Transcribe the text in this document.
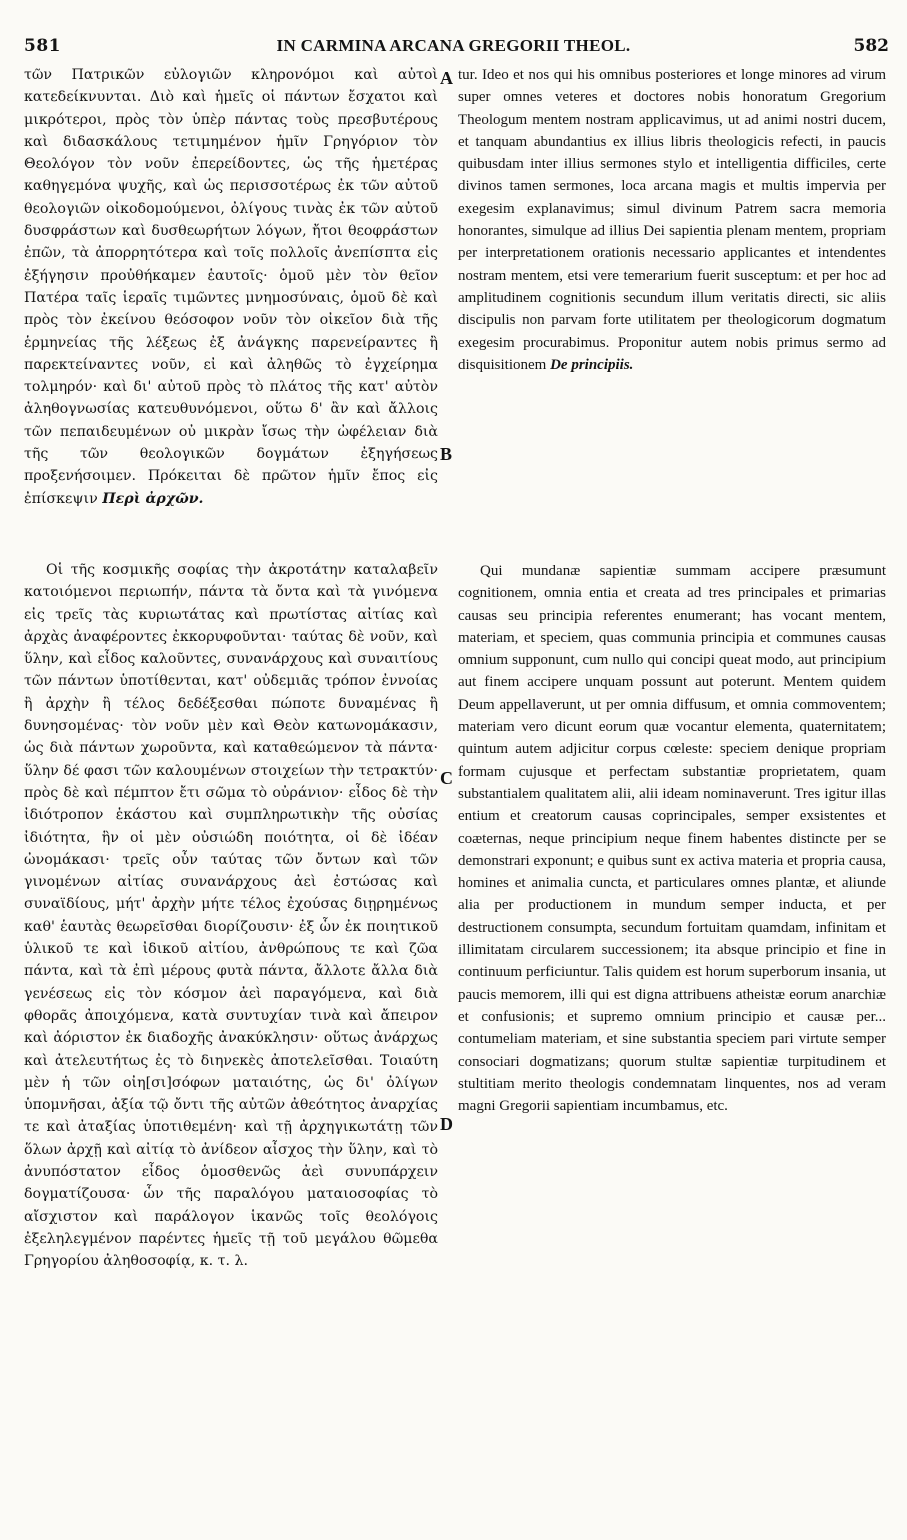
581	IN CARMINA ARCANA GREGORII THEOL.	582

τῶν Πατρικῶν εὐλογιῶν κληρονόμοι καὶ αὐτοὶ κατεδείκνυνται. Διὸ καὶ ἡμεῖς οἱ πάντων ἔσχατοι καὶ μικρότεροι, πρὸς τὸν ὑπὲρ πάντας τοὺς πρεσβυτέρους καὶ διδασκάλους τετιμημένον ἡμῖν Γρηγόριον τὸν Θεολόγον τὸν νοῦν ἐπερείδοντες, ὡς τῆς ἡμετέρας καθηγεμόνα ψυχῆς, καὶ ὡς περισσοτέρως ἐκ τῶν αὐτοῦ θεολογιῶν οἰκοδομούμενοι, ὀλίγους τινὰς ἐκ τῶν αὐτοῦ δυσφράστων καὶ δυσθεωρήτων λόγων, ἤτοι θεοφράστων ἐπῶν, τὰ ἀπορρητότερα καὶ τοῖς πολλοῖς ἀνεπίσπτα εἰς ἐξήγησιν προὐθήκαμεν ἑαυτοῖς· ὁμοῦ μὲν τὸν θεῖον Πατέρα ταῖς ἱεραῖς τιμῶντες μνημοσύναις, ὁμοῦ δὲ καὶ πρὸς τὸν ἐκείνου θεόσοφον νοῦν τὸν οἰκεῖον διὰ τῆς ἑρμηνείας τῆς λέξεως ἐξ ἀνάγκης παρενείραντες ἢ παρεκτείναντες νοῦν, εἰ καὶ ἀληθῶς τὸ ἐγχείρημα τολμηρόν· καὶ δι' αὐτοῦ πρὸς τὸ πλάτος τῆς κατ' αὐτὸν ἀληθογνωσίας κατευθυνόμενοι, οὕτω δ' ἂν καὶ ἄλλοις τῶν πεπαιδευμένων οὐ μικρὰν ἴσως τὴν ὠφέλειαν διὰ τῆς τῶν θεολογικῶν δογμάτων ἐξηγήσεως προξενήσοιμεν. Πρόκειται δὲ πρῶτον ἡμῖν ἔπος εἰς ἐπίσκεψιν Περὶ ἀρχῶν.

tur. Ideo et nos qui his omnibus posteriores et longe minores ad virum super omnes veteres et doctores nobis honoratum Gregorium Theologum mentem nostram applicavimus, ut ad animi nostri ducem, et tanquam abundantius ex illius libris theologicis refecti, in paucis quibusdam inter illius sermones stylo et intelligentia difficiles, certe divinos tamen sermones, loca arcana magis et multis impervia per exegesim explanavimus; simul divinum Patrem sacra memoria honorantes, simulque ad illius Dei sapientia plenam mentem, propriam per interpretationem orationis necessario applicantes et intendentes nostram mentem, etsi vere temerarium fuerit susceptum: et per hoc ad amplitudinem cognitionis secundum illum veritatis directi, sic aliis discipulis non parvam forte utilitatem per theologicorum dogmatum exegesim procurabimus. Proponitur autem nobis primus sermo ad disquisitionem De principiis.

Οἱ τῆς κοσμικῆς σοφίας τὴν ἀκροτάτην καταλαβεῖν κατοιόμενοι περιωπήν, πάντα τὰ ὄντα καὶ τὰ γινόμενα εἰς τρεῖς τὰς κυριωτάτας καὶ πρωτίστας αἰτίας καὶ ἀρχὰς ἀναφέροντες ἐκκορυφοῦνται· ταύτας δὲ νοῦν, καὶ ὕλην, καὶ εἶδος καλοῦντες, συνανάρχους καὶ συναιτίους τῶν πάντων ὑποτίθενται, κατ' οὐδεμιᾶς τρόπον ἐννοίας ἢ ἀρχὴν ἢ τέλος δεδέξεσθαι πώποτε δυναμένας ἢ δυνησομένας· τὸν νοῦν μὲν καὶ Θεὸν κατωνομάκασιν, ὡς διὰ πάντων χωροῦντα, καὶ καταθεώμενον τὰ πάντα· ὕλην δέ φασι τῶν καλουμένων στοιχείων τὴν τετρακτύν· πρὸς δὲ καὶ πέμπτον ἔτι σῶμα τὸ οὐράνιον· εἶδος δὲ τὴν ἰδιότροπον ἑκάστου καὶ συμπληρωτικὴν τῆς οὐσίας ἰδιότητα, ἣν οἱ μὲν οὐσιώδη ποιότητα, οἱ δὲ ἰδέαν ὠνομάκασι· τρεῖς οὖν ταύτας τῶν ὄντων καὶ τῶν γινομένων αἰτίας συνανάρχους ἀεὶ ἐστώσας καὶ συναϊδίους, μήτ' ἀρχὴν μήτε τέλος ἐχούσας διῃρημένως καθ' ἑαυτὰς θεωρεῖσθαι διορίζουσιν· ἐξ ὧν ἐκ ποιητικοῦ ὑλικοῦ τε καὶ ἰδικοῦ αἰτίου, ἀνθρώπους τε καὶ ζῶα πάντα, καὶ τὰ ἐπὶ μέρους φυτὰ πάντα, ἄλλοτε ἄλλα διὰ γενέσεως εἰς τὸν κόσμον ἀεὶ παραγόμενα, καὶ διὰ φθορᾶς ἀποιχόμενα, κατὰ συντυχίαν τινὰ καὶ ἄπειρον καὶ ἀόριστον ἐκ διαδοχῆς ἀνακύκλησιν· οὕτως ἀνάρχως καὶ ἀτελευτήτως ἐς τὸ διηνεκὲς ἀποτελεῖσθαι. Τοιαύτη μὲν ἡ τῶν οἰη[σι]σόφων ματαιότης, ὡς δι' ὀλίγων ὑπομνῆσαι, ἀξία τῷ ὄντι τῆς αὐτῶν ἀθεότητος ἀναρχίας τε καὶ ἀταξίας ὑποτιθεμένη· καὶ τῇ ἀρχηγικωτάτῃ τῶν ὅλων ἀρχῇ καὶ αἰτίᾳ τὸ ἀνίδεον αἶσχος τὴν ὕλην, καὶ τὸ ἀνυπόστατον εἶδος ὁμοσθενῶς ἀεὶ συνυπάρχειν δογματίζουσα· ὧν τῆς παραλόγου ματαιοσοφίας τὸ αἴσχιστον καὶ παράλογον ἱκανῶς τοῖς θεολόγοις ἐξεληλεγμένον παρέντες ἡμεῖς τῇ τοῦ μεγάλου θῶμεθα Γρηγορίου ἀληθοσοφίᾳ, κ. τ. λ.

Qui mundanæ sapientiæ summam accipere præsumunt cognitionem, omnia entia et creata ad tres principales et primarias causas seu principia referentes enumerant; has vocant mentem, materiam, et speciem, quas communia principia et communes causas omnium supponunt, cum nullo qui concipi queat modo, aut principium aut finem accipere unquam possunt aut poterunt. Mentem quidem Deum appellaverunt, ut per omnia diffusum, et omnia commoventem; materiam vero dicunt eorum quæ vocantur elementa, quaternitatem; quintum autem adjicitur corpus cœleste: speciem denique propriam formam cujusque et perfectam substantiæ proprietatem, quam substantialem qualitatem alii, alii ideam nominaverunt. Tres igitur illas entium et creatorum causas coprincipales, semper exsistentes et coæternas, neque principium neque finem habentes distincte per se demonstrari exponunt; e quibus sunt ex activa materia et propria causa, homines et animalia cuncta, et particulares omnes plantæ, et aliunde alia per productionem in mundum semper inducta, et per destructionem consumpta, secundum fortuitam quamdam, infinitam et illimitatam circularem successionem; ita absque principio et fine in continuum perficiuntur. Talis quidem est horum superborum insania, ut paucis memorem, illi qui est digna attribuens atheistæ eorum anarchiæ et confusionis; et supremo omnium principio et causæ per... contumeliam materiam, et sine substantia speciem pari virtute semper consociari dogmatizans; quorum stultæ sapientiæ turpitudinem et stultitiam merito theologis condemnatam linquentes, nos ad veram magni Gregorii sapientiam incumbamus, etc.

A
B
C
D
